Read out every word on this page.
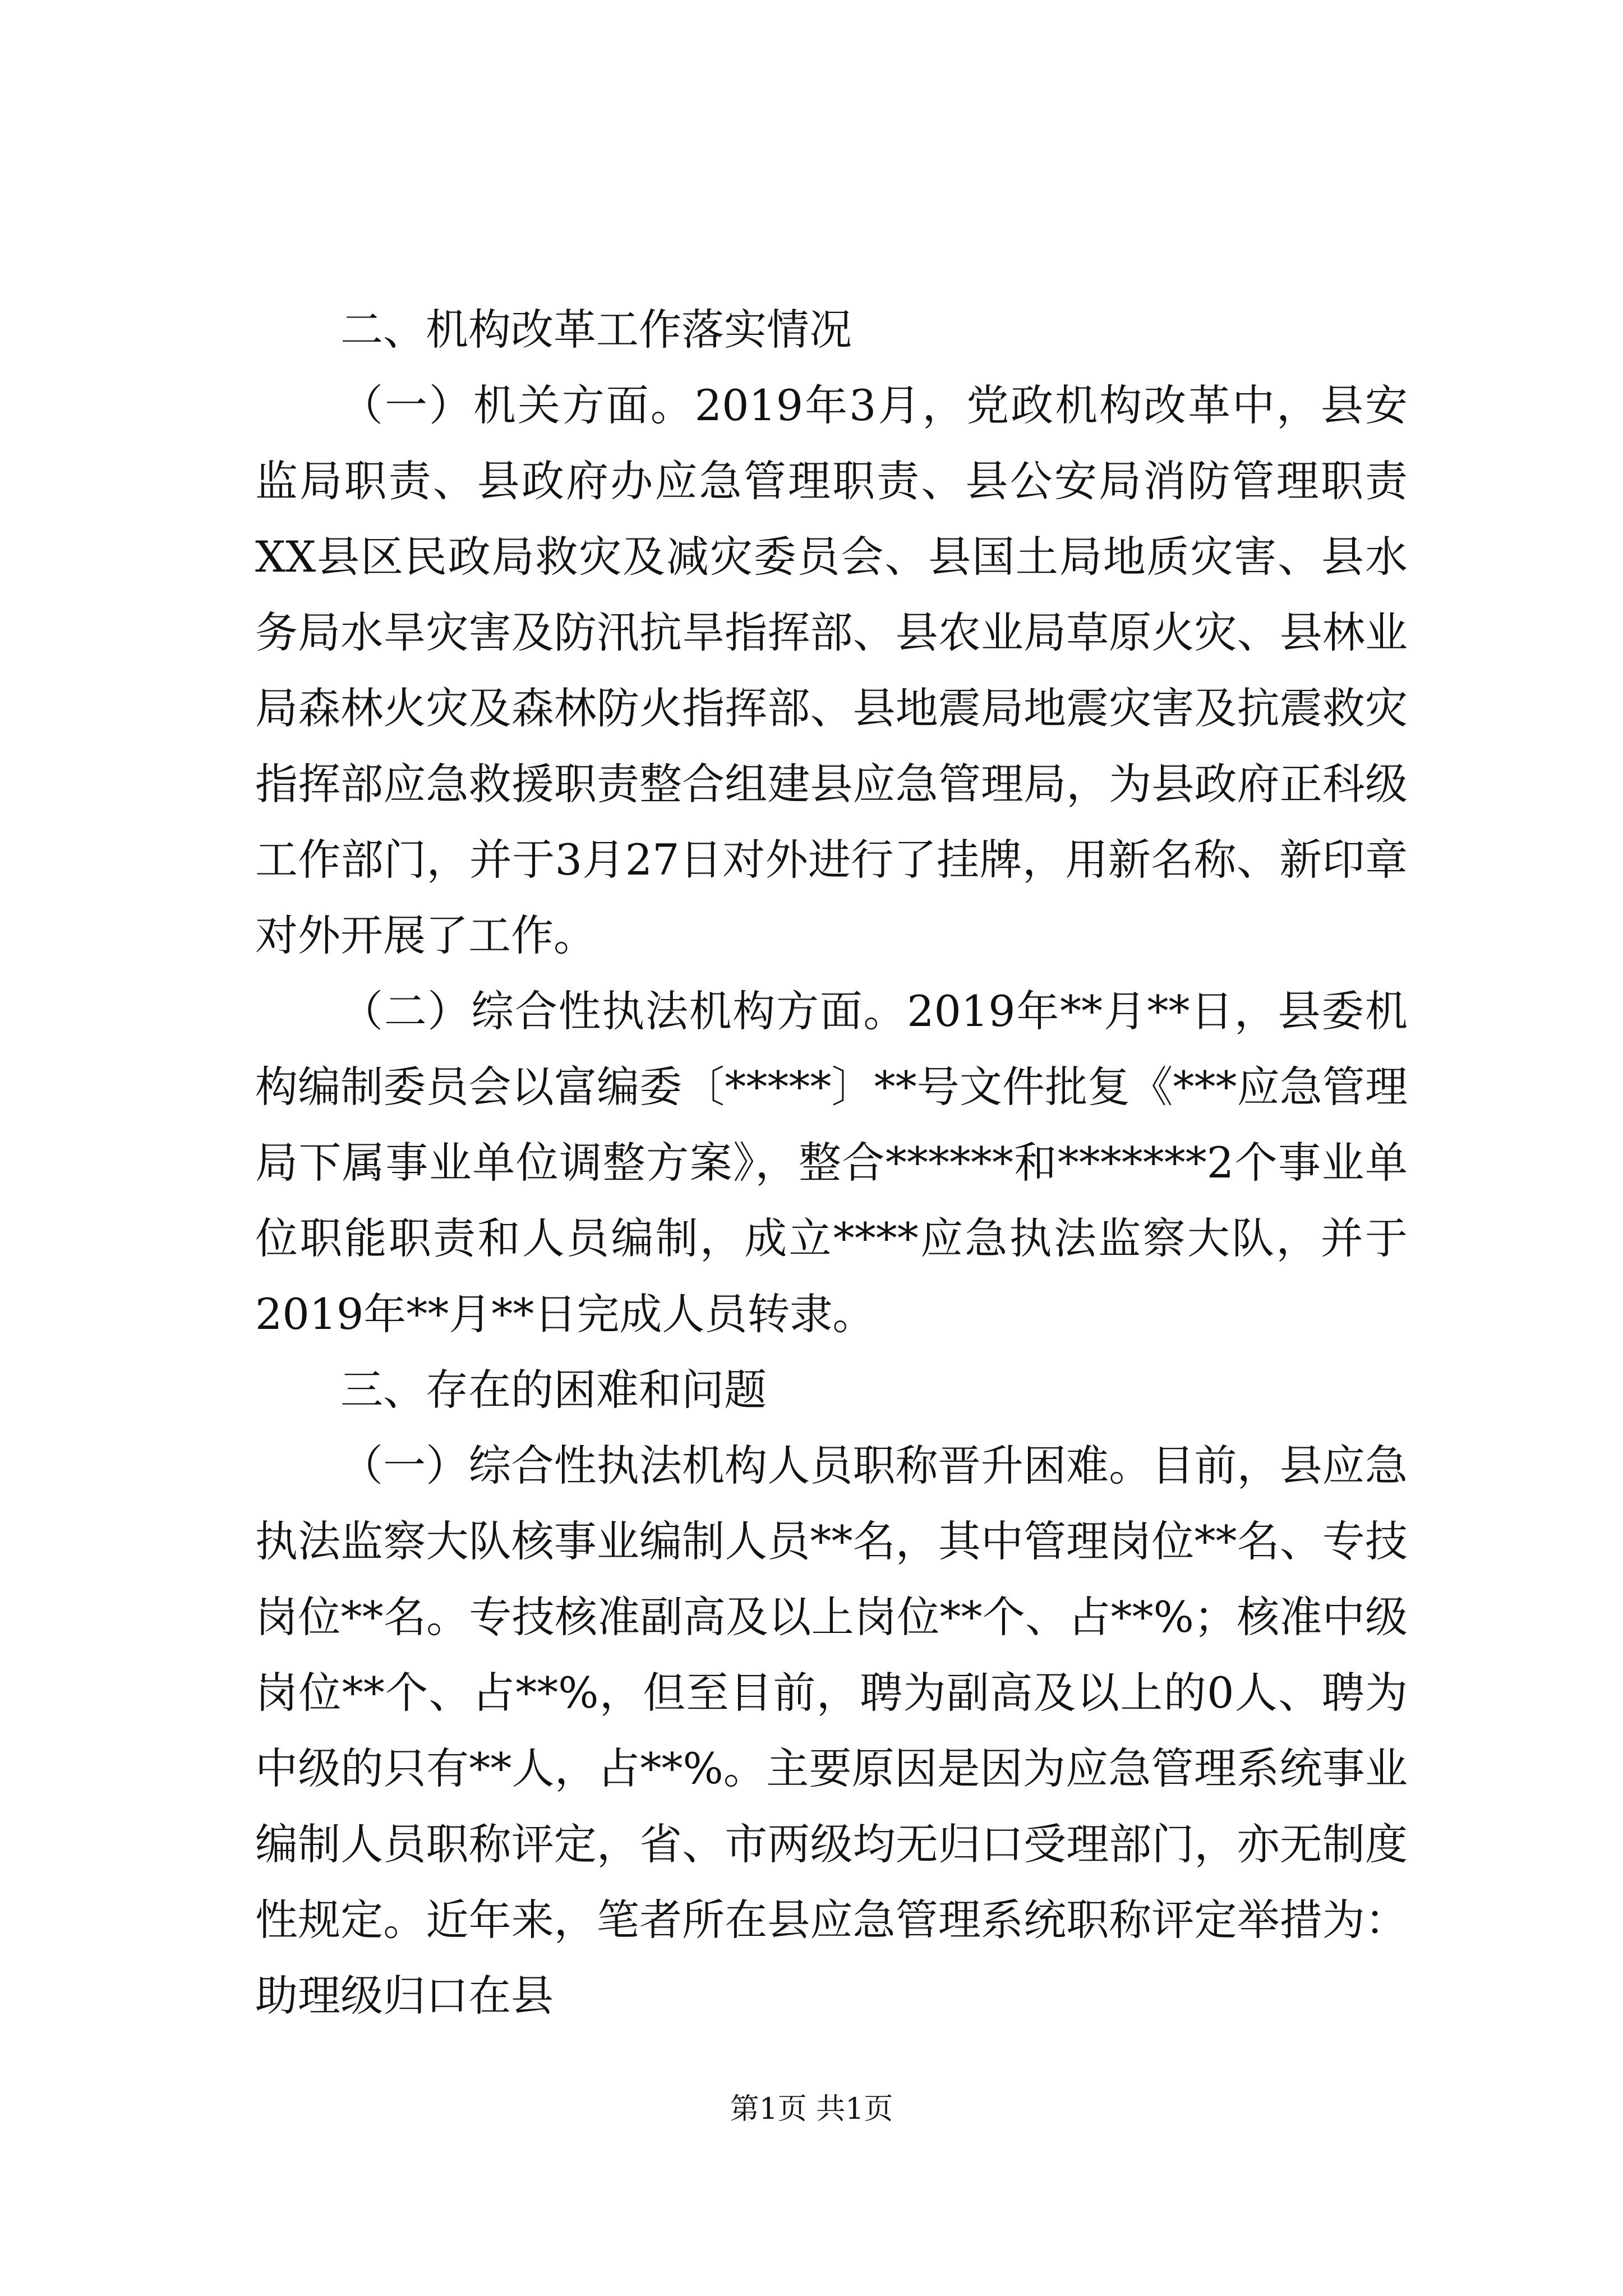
二、机构改革工作落实情况

（一）机关方面。2019年3月，党政机构改革中，县安监局职责、县政府办应急管理职责、县公安局消防管理职责XX县区民政局救灾及减灾委员会、县国土局地质灾害、县水务局水旱灾害及防汛抗旱指挥部、县农业局草原火灾、县林业局森林火灾及森林防火指挥部、县地震局地震灾害及抗震救灾指挥部应急救援职责整合组建县应急管理局，为县政府正科级工作部门，并于3月27日对外进行了挂牌，用新名称、新印章对外开展了工作。

（二）综合性执法机构方面。2019年**月**日，县委机构编制委员会以富编委〔*****〕**号文件批复《***应急管理局下属事业单位调整方案》，整合******和*******2个事业单位职能职责和人员编制，成立****应急执法监察大队，并于2019年**月**日完成人员转隶。

三、存在的困难和问题

（一）综合性执法机构人员职称晋升困难。目前，县应急执法监察大队核事业编制人员**名，其中管理岗位**名、专技岗位**名。专技核准副高及以上岗位**个、占**%；核准中级岗位**个、占**%，但至目前，聘为副高及以上的0人、聘为中级的只有**人，占**%。主要原因是因为应急管理系统事业编制人员职称评定，省、市两级均无归口受理部门，亦无制度性规定。近年来，笔者所在县应急管理系统职称评定举措为：助理级归口在县

第1页 共1页
